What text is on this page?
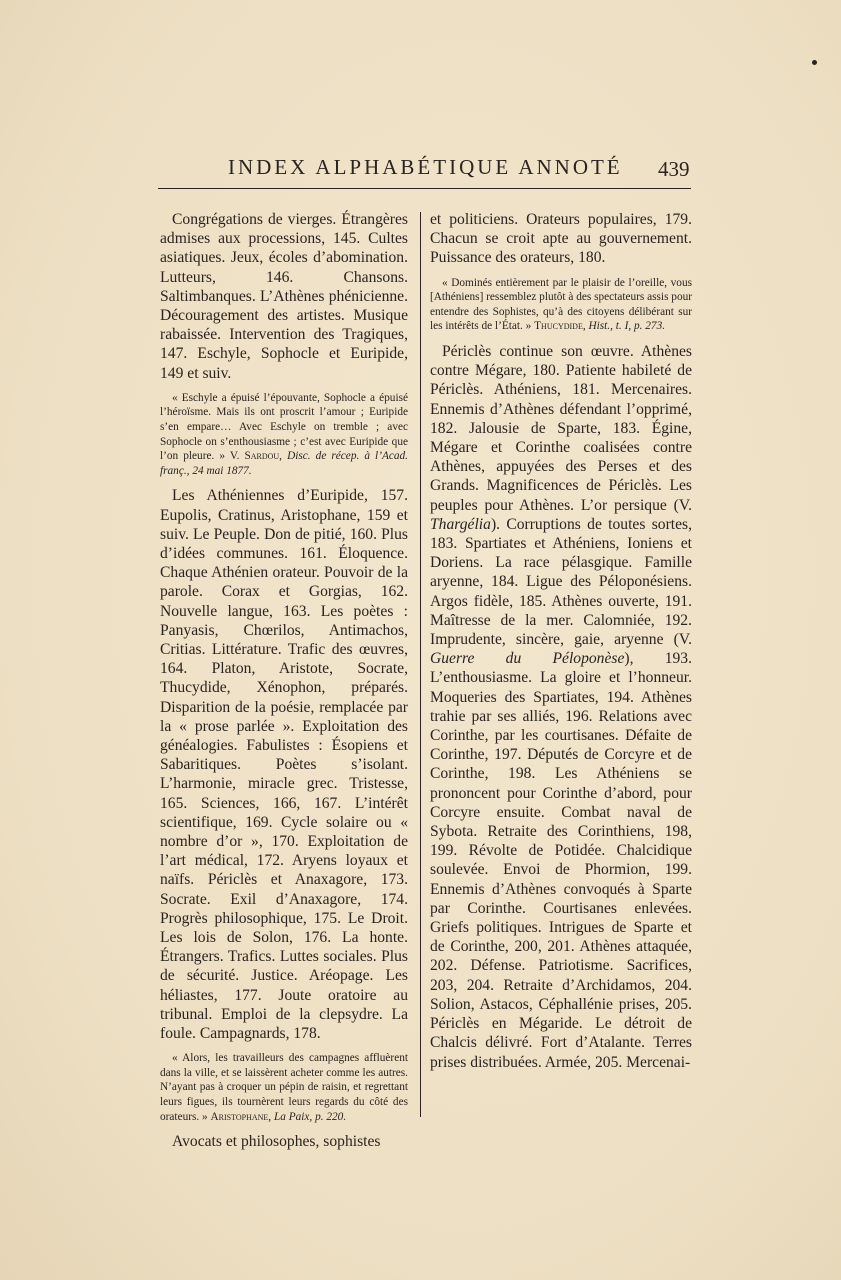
INDEX ALPHABÉTIQUE ANNOTÉ 439

Congrégations de vierges. Étrangères admises aux processions, 145. Cultes asiatiques. Jeux, écoles d’abomination. Lutteurs, 146. Chansons. Saltimbanques. L’Athènes phénicienne. Découragement des artistes. Musique rabaissée. Intervention des Tragiques, 147. Eschyle, Sophocle et Euripide, 149 et suiv.

« Eschyle a épuisé l’épouvante, Sophocle a épuisé l’héroïsme. Mais ils ont proscrit l’amour ; Euripide s’en empare… Avec Eschyle on tremble ; avec Sophocle on s’enthousiasme ; c’est avec Euripide que l’on pleure. » V. Sardou, Disc. de récep. à l’Acad. franç., 24 mai 1877.

Les Athéniennes d’Euripide, 157. Eupolis, Cratinus, Aristophane, 159 et suiv. Le Peuple. Don de pitié, 160. Plus d’idées communes. 161. Éloquence. Chaque Athénien orateur. Pouvoir de la parole. Corax et Gorgias, 162. Nouvelle langue, 163. Les poètes : Panyasis, Chœrilos, Antimachos, Critias. Littérature. Trafic des œuvres, 164. Platon, Aristote, Socrate, Thucydide, Xénophon, préparés. Disparition de la poésie, remplacée par la « prose parlée ». Exploitation des généalogies. Fabulistes : Ésopiens et Sabaritiques. Poètes s’isolant. L’harmonie, miracle grec. Tristesse, 165. Sciences, 166, 167. L’intérêt scientifique, 169. Cycle solaire ou « nombre d’or », 170. Exploitation de l’art médical, 172. Aryens loyaux et naïfs. Périclès et Anaxagore, 173. Socrate. Exil d’Anaxagore, 174. Progrès philosophique, 175. Le Droit. Les lois de Solon, 176. La honte. Étrangers. Trafics. Luttes sociales. Plus de sécurité. Justice. Aréopage. Les héliastes, 177. Joute oratoire au tribunal. Emploi de la clepsydre. La foule. Campagnards, 178.

« Alors, les travailleurs des campagnes affluèrent dans la ville, et se laissèrent acheter comme les autres. N’ayant pas à croquer un pépin de raisin, et regrettant leurs figues, ils tournèrent leurs regards du côté des orateurs. » Aristophane, La Paix, p. 220.

Avocats et philosophes, sophistes

et politiciens. Orateurs populaires, 179. Chacun se croit apte au gouvernement. Puissance des orateurs, 180.

« Dominés entièrement par le plaisir de l’oreille, vous [Athéniens] ressemblez plutôt à des spectateurs assis pour entendre des Sophistes, qu’à des citoyens délibérant sur les intérêts de l’État. » Thucydide, Hist., t. I, p. 273.

Périclès continue son œuvre. Athènes contre Mégare, 180. Patiente habileté de Périclès. Athéniens, 181. Mercenaires. Ennemis d’Athènes défendant l’opprimé, 182. Jalousie de Sparte, 183. Égine, Mégare et Corinthe coalisées contre Athènes, appuyées des Perses et des Grands. Magnificences de Périclès. Les peuples pour Athènes. L’or persique (V. Thargélia). Corruptions de toutes sortes, 183. Spartiates et Athéniens, Ioniens et Doriens. La race pélasgique. Famille aryenne, 184. Ligue des Péloponésiens. Argos fidèle, 185. Athènes ouverte, 191. Maîtresse de la mer. Calomniée, 192. Imprudente, sincère, gaie, aryenne (V. Guerre du Péloponèse), 193. L’enthousiasme. La gloire et l’honneur. Moqueries des Spartiates, 194. Athènes trahie par ses alliés, 196. Relations avec Corinthe, par les courtisanes. Défaite de Corinthe, 197. Députés de Corcyre et de Corinthe, 198. Les Athéniens se prononcent pour Corinthe d’abord, pour Corcyre ensuite. Combat naval de Sybota. Retraite des Corinthiens, 198, 199. Révolte de Potidée. Chalcidique soulevée. Envoi de Phormion, 199. Ennemis d’Athènes convoqués à Sparte par Corinthe. Courtisanes enlevées. Griefs politiques. Intrigues de Sparte et de Corinthe, 200, 201. Athènes attaquée, 202. Défense. Patriotisme. Sacrifices, 203, 204. Retraite d’Archidamos, 204. Solion, Astacos, Céphallénie prises, 205. Périclès en Mégaride. Le détroit de Chalcis délivré. Fort d’Atalante. Terres prises distribuées. Armée, 205. Mercenai-
